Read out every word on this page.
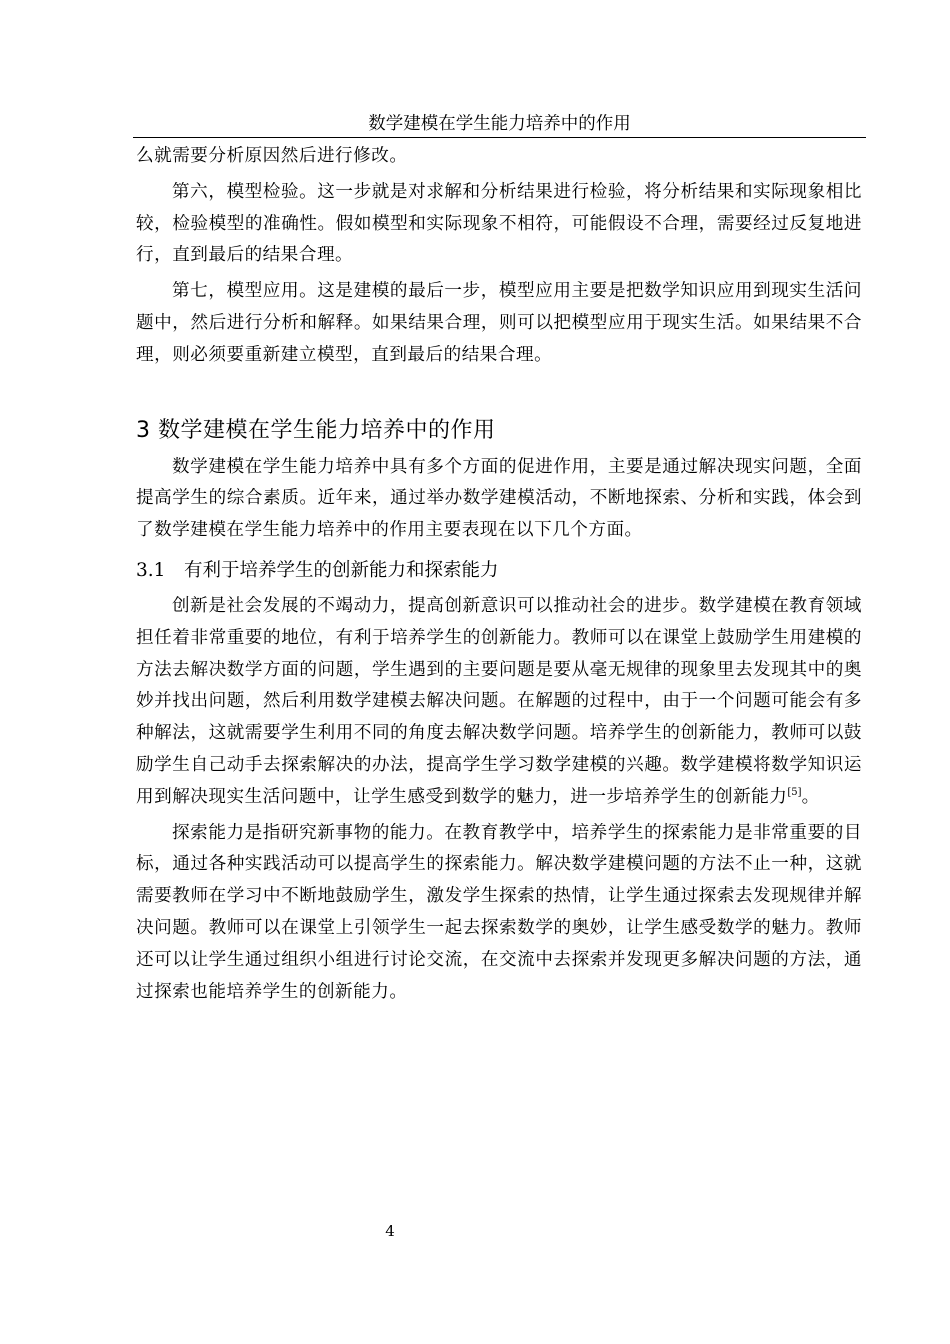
数学建模在学生能力培养中的作用

么就需要分析原因然后进行修改。

第六，模型检验。这一步就是对求解和分析结果进行检验，将分析结果和实际现象相比较，检验模型的准确性。假如模型和实际现象不相符，可能假设不合理，需要经过反复地进行，直到最后的结果合理。

第七，模型应用。这是建模的最后一步，模型应用主要是把数学知识应用到现实生活问题中，然后进行分析和解释。如果结果合理，则可以把模型应用于现实生活。如果结果不合理，则必须要重新建立模型，直到最后的结果合理。

3 数学建模在学生能力培养中的作用

数学建模在学生能力培养中具有多个方面的促进作用，主要是通过解决现实问题，全面提高学生的综合素质。近年来，通过举办数学建模活动，不断地探索、分析和实践，体会到了数学建模在学生能力培养中的作用主要表现在以下几个方面。

3.1 有利于培养学生的创新能力和探索能力

创新是社会发展的不竭动力，提高创新意识可以推动社会的进步。数学建模在教育领域担任着非常重要的地位，有利于培养学生的创新能力。教师可以在课堂上鼓励学生用建模的方法去解决数学方面的问题，学生遇到的主要问题是要从毫无规律的现象里去发现其中的奥妙并找出问题，然后利用数学建模去解决问题。在解题的过程中，由于一个问题可能会有多种解法，这就需要学生利用不同的角度去解决数学问题。培养学生的创新能力，教师可以鼓励学生自己动手去探索解决的办法，提高学生学习数学建模的兴趣。数学建模将数学知识运用到解决现实生活问题中，让学生感受到数学的魅力，进一步培养学生的创新能力[5]。

探索能力是指研究新事物的能力。在教育教学中，培养学生的探索能力是非常重要的目标，通过各种实践活动可以提高学生的探索能力。解决数学建模问题的方法不止一种，这就需要教师在学习中不断地鼓励学生，激发学生探索的热情，让学生通过探索去发现规律并解决问题。教师可以在课堂上引领学生一起去探索数学的奥妙，让学生感受数学的魅力。教师还可以让学生通过组织小组进行讨论交流，在交流中去探索并发现更多解决问题的方法，通过探索也能培养学生的创新能力。

4
